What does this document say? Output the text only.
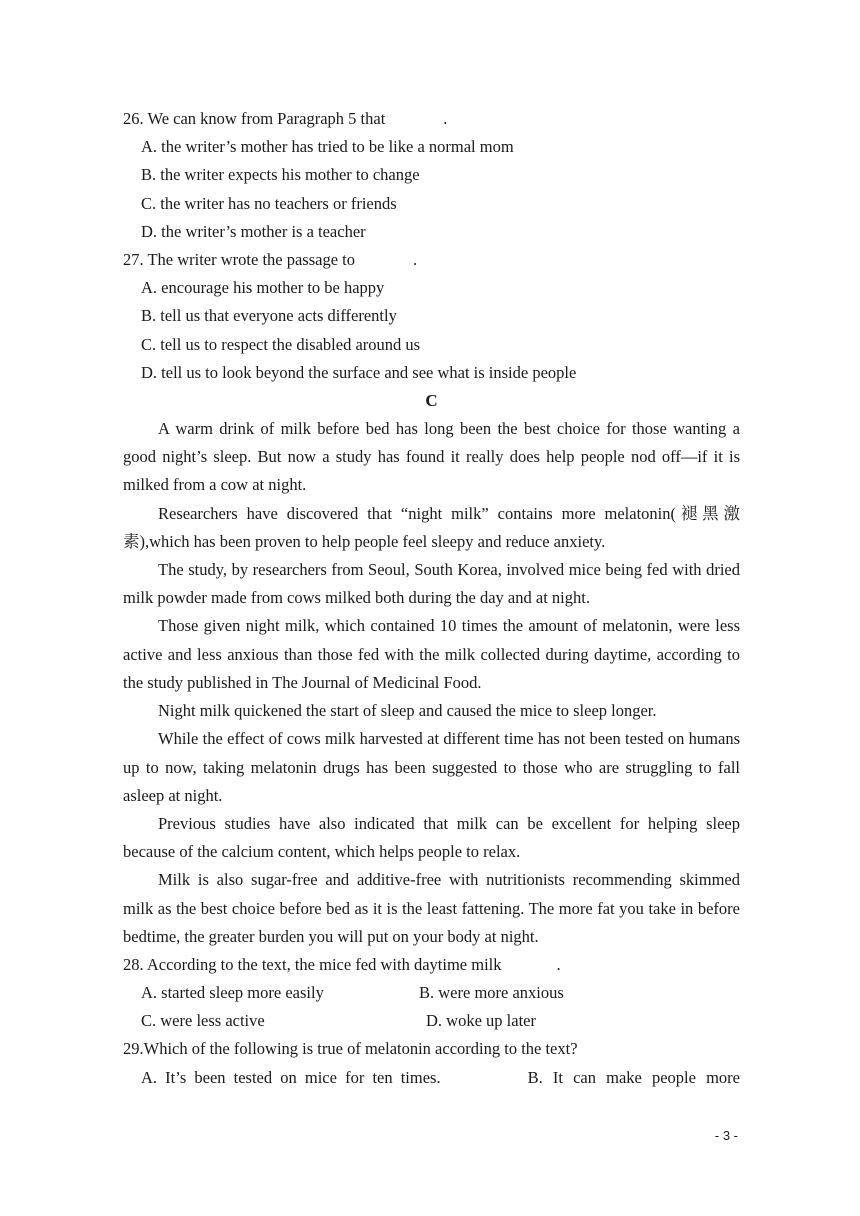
26. We can know from Paragraph 5 that	.
A. the writer’s mother has tried to be like a normal mom
B. the writer expects his mother to change
C. the writer has no teachers or friends
D. the writer’s mother is a teacher
27. The writer wrote the passage to	.
A. encourage his mother to be happy
B. tell us that everyone acts differently
C. tell us to respect the disabled around us
D. tell us to look beyond the surface and see what is inside people
C

A warm drink of milk before bed has long been the best choice for those wanting a good night’s sleep. But now a study has found it really does help people nod off—if it is milked from a cow at night.

Researchers have discovered that “night milk” contains more melatonin(褪黑激素),which has been proven to help people feel sleepy and reduce anxiety.

The study, by researchers from Seoul, South Korea, involved mice being fed with dried milk powder made from cows milked both during the day and at night.

Those given night milk, which contained 10 times the amount of melatonin, were less active and less anxious than those fed with the milk collected during daytime, according to the study published in The Journal of Medicinal Food.

Night milk quickened the start of sleep and caused the mice to sleep longer.

While the effect of cows milk harvested at different time has not been tested on humans up to now, taking melatonin drugs has been suggested to those who are struggling to fall asleep at night.

Previous studies have also indicated that milk can be excellent for helping sleep because of the calcium content, which helps people to relax.

Milk is also sugar-free and additive-free with nutritionists recommending skimmed milk as the best choice before bed as it is the least fattening. The more fat you take in before bedtime, the greater burden you will put on your body at night.

28. According to the text, the mice fed with daytime milk	.
A. started sleep more easily	B. were more anxious
C. were less active	D. woke up later
29.Which of the following is true of melatonin according to the text?
A. It’s been tested on mice for ten times.	B. It can make people more
- 3 -
